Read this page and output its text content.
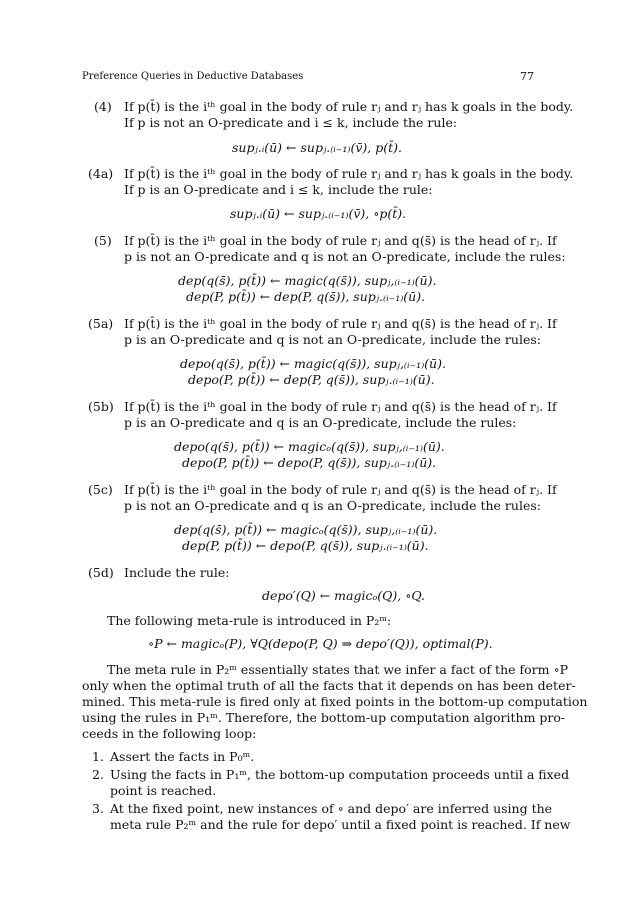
Preference Queries in Deductive Databases	77
(4) If p(t̄) is the iᵗʰ goal in the body of rule rⱼ and rⱼ has k goals in the body.
If p is not an O-predicate and i ≤ k, include the rule:
supⱼ.ᵢ(ū) ← supⱼ.₍ᵢ₋₁₎(v̄), p(t̄).
(4a) If p(t̄) is the iᵗʰ goal in the body of rule rⱼ and rⱼ has k goals in the body.
If p is an O-predicate and i ≤ k, include the rule:
supⱼ.ᵢ(ū) ← supⱼ.₍ᵢ₋₁₎(v̄), ∘p(t̄).
(5) If p(t̄) is the iᵗʰ goal in the body of rule rⱼ and q(s̄) is the head of rⱼ. If
p is not an O-predicate and q is not an O-predicate, include the rules:
dep(q(s̄), p(t̄)) ← magic(q(s̄)), supⱼ,₍ᵢ₋₁₎(ū).
dep(P, p(t̄)) ← dep(P, q(s̄)), supⱼ.₍ᵢ₋₁₎(ū).
(5a) If p(t̄) is the iᵗʰ goal in the body of rule rⱼ and q(s̄) is the head of rⱼ. If
p is an O-predicate and q is not an O-predicate, include the rules:
depo(q(s̄), p(t̄)) ← magic(q(s̄)), supⱼ,₍ᵢ₋₁₎(ū).
depo(P, p(t̄)) ← dep(P, q(s̄)), supⱼ.₍ᵢ₋₁₎(ū).
(5b) If p(t̄) is the iᵗʰ goal in the body of rule rⱼ and q(s̄) is the head of rⱼ. If
p is an O-predicate and q is an O-predicate, include the rules:
depo(q(s̄), p(t̄)) ← magicₒ(q(s̄)), supⱼ,₍ᵢ₋₁₎(ū).
depo(P, p(t̄)) ← depo(P, q(s̄)), supⱼ.₍ᵢ₋₁₎(ū).
(5c) If p(t̄) is the iᵗʰ goal in the body of rule rⱼ and q(s̄) is the head of rⱼ. If
p is not an O-predicate and q is an O-predicate, include the rules:
dep(q(s̄), p(t̄)) ← magicₒ(q(s̄)), supⱼ,₍ᵢ₋₁₎(ū).
dep(P, p(t̄)) ← depo(P, q(s̄)), supⱼ.₍ᵢ₋₁₎(ū).
(5d) Include the rule:
depo′(Q) ← magicₒ(Q), ∘Q.
The following meta-rule is introduced in P₂ᵐ:
∘P ← magicₒ(P), ∀Q(depo(P, Q) ⇒ depo′(Q)), optimal(P).
The meta rule in P₂ᵐ essentially states that we infer a fact of the form ∘P
only when the optimal truth of all the facts that it depends on has been deter-
mined. This meta-rule is fired only at fixed points in the bottom-up computation
using the rules in P₁ᵐ. Therefore, the bottom-up computation algorithm pro-
ceeds in the following loop:
1. Assert the facts in P₀ᵐ.
2. Using the facts in P₁ᵐ, the bottom-up computation proceeds until a fixed
point is reached.
3. At the fixed point, new instances of ∘ and depo′ are inferred using the
meta rule P₂ᵐ and the rule for depo′ until a fixed point is reached. If new
